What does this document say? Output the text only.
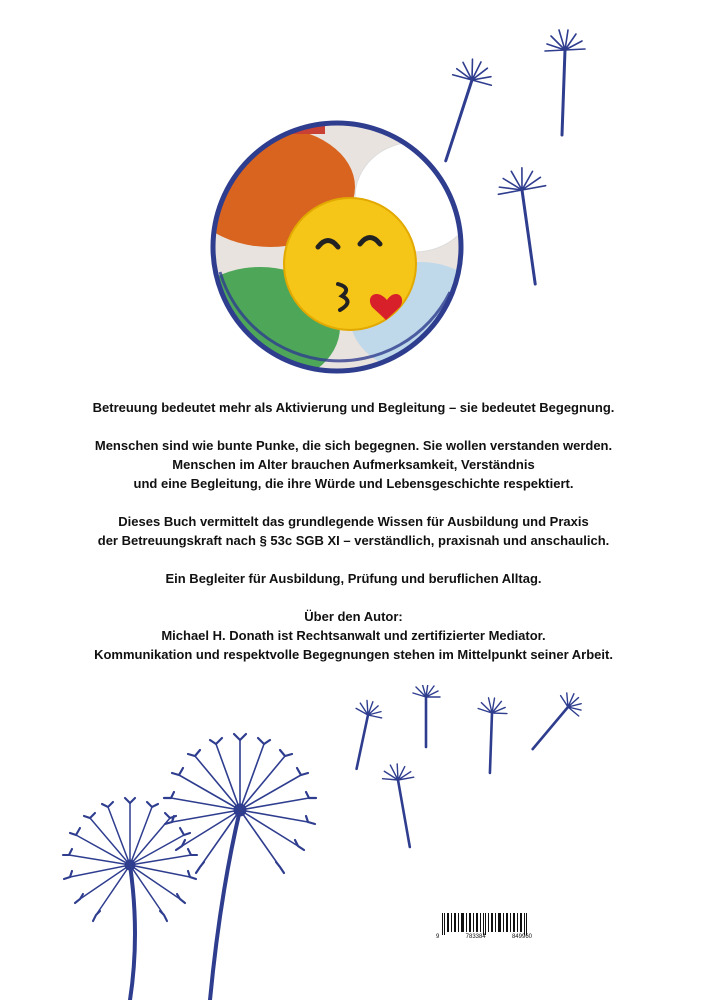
Betreuung bedeutet mehr als Aktivierung und Begleitung – sie bedeutet Begegnung.

Menschen sind wie bunte Punke, die sich begegnen. Sie wollen verstanden werden.

Menschen im Alter brauchen Aufmerksamkeit, Verständnis

und eine Begleitung, die ihre Würde und Lebensgeschichte respektiert.

Dieses Buch vermittelt das grundlegende Wissen für Ausbildung und Praxis

der Betreuungskraft nach § 53c SGB XI – verständlich, praxisnah und anschaulich.

Ein Begleiter für Ausbildung, Prüfung und beruflichen Alltag.

Über den Autor:

Michael H. Donath ist Rechtsanwalt und zertifizierter Mediator.

Kommunikation und respektvolle Begegnungen stehen im Mittelpunkt seiner Arbeit.

9	783384	849960
